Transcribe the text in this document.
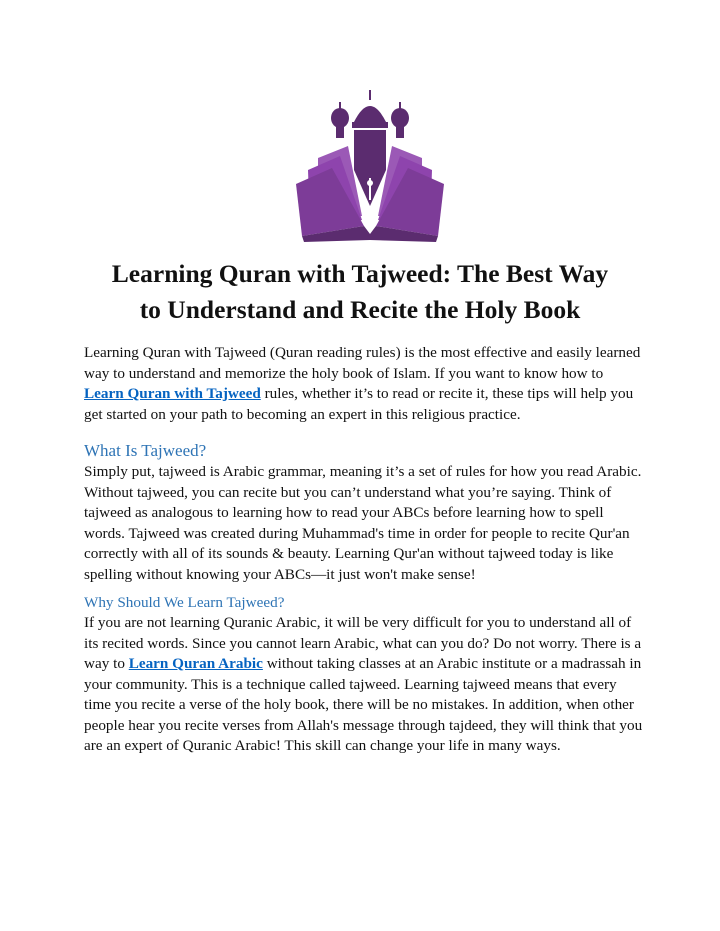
Learning Quran with Tajweed: The Best Way
to Understand and Recite the Holy Book

Learning Quran with Tajweed (Quran reading rules) is the most effective and easily learned way to understand and memorize the holy book of Islam. If you want to know how to Learn Quran with Tajweed rules, whether it’s to read or recite it, these tips will help you get started on your path to becoming an expert in this religious practice.

What Is Tajweed?

Simply put, tajweed is Arabic grammar, meaning it’s a set of rules for how you read Arabic. Without tajweed, you can recite but you can’t understand what you’re saying. Think of tajweed as analogous to learning how to read your ABCs before learning how to spell words. Tajweed was created during Muhammad's time in order for people to recite Qur'an correctly with all of its sounds & beauty. Learning Qur'an without tajweed today is like spelling without knowing your ABCs—it just won't make sense!

Why Should We Learn Tajweed?

If you are not learning Quranic Arabic, it will be very difficult for you to understand all of its recited words. Since you cannot learn Arabic, what can you do? Do not worry. There is a way to Learn Quran Arabic without taking classes at an Arabic institute or a madrassah in your community. This is a technique called tajweed. Learning tajweed means that every time you recite a verse of the holy book, there will be no mistakes. In addition, when other people hear you recite verses from Allah's message through tajdeed, they will think that you are an expert of Quranic Arabic! This skill can change your life in many ways.
